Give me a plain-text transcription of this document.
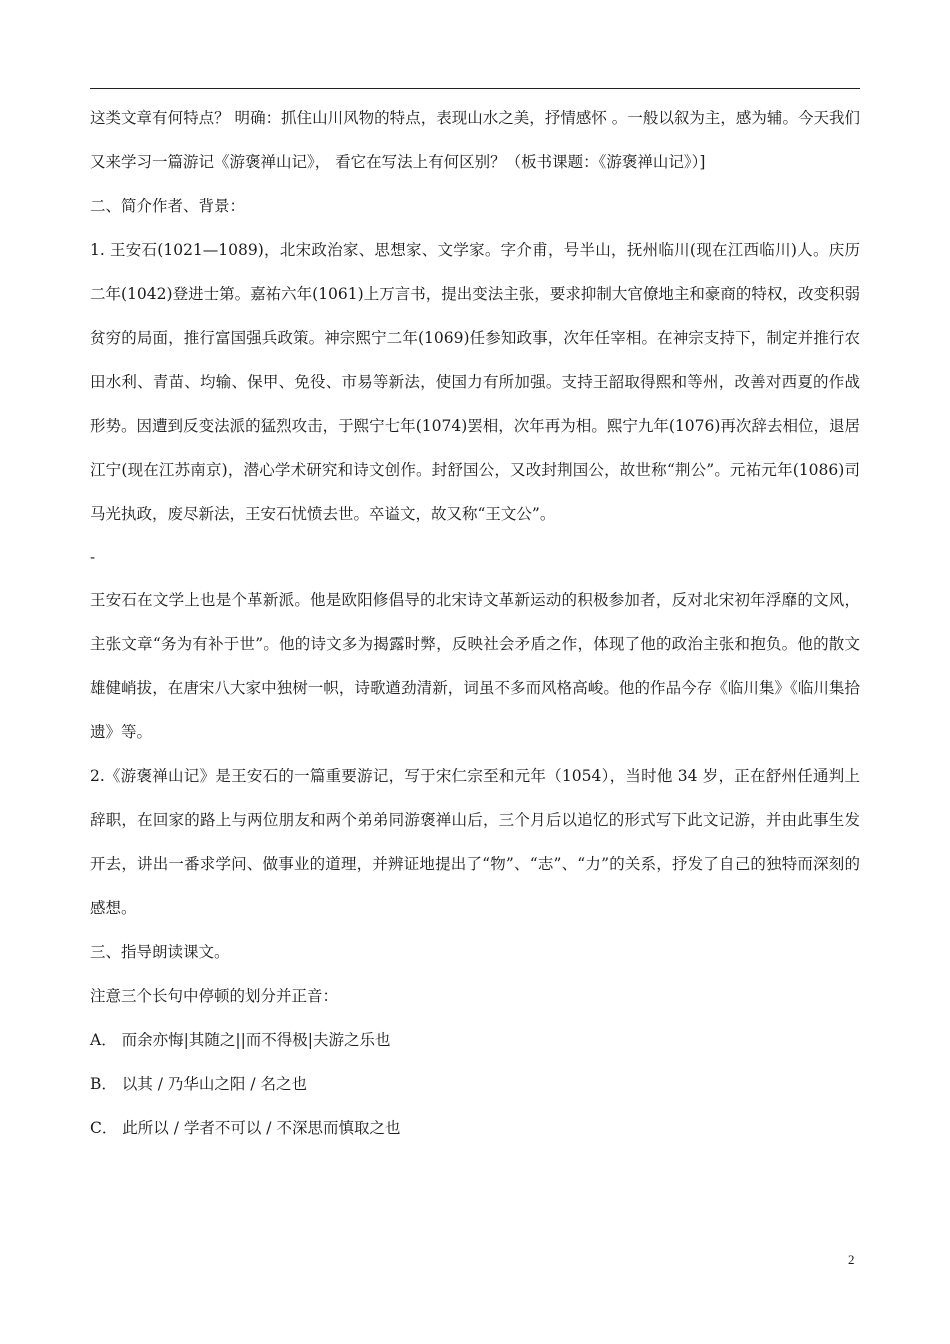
这类文章有何特点？ 明确：抓住山川风物的特点，表现山水之美，抒情感怀 。一般以叙为主，感为辅。今天我们又来学习一篇游记《游褒禅山记》， 看它在写法上有何区别？（板书课题：《游褒禅山记》）]

二、简介作者、背景：

1. 王安石(1021—1089)，北宋政治家、思想家、文学家。字介甫，号半山，抚州临川(现在江西临川)人。庆历二年(1042)登进士第。嘉祐六年(1061)上万言书，提出变法主张，要求抑制大官僚地主和豪商的特权，改变积弱贫穷的局面，推行富国强兵政策。神宗熙宁二年(1069)任参知政事，次年任宰相。在神宗支持下，制定并推行农田水利、青苗、均输、保甲、免役、市易等新法，使国力有所加强。支持王韶取得熙和等州，改善对西夏的作战形势。因遭到反变法派的猛烈攻击，于熙宁七年(1074)罢相，次年再为相。熙宁九年(1076)再次辞去相位，退居江宁(现在江苏南京)，潜心学术研究和诗文创作。封舒国公，又改封荆国公，故世称“荆公”。元祐元年(1086)司马光执政，废尽新法，王安石忧愤去世。卒谥文，故又称“王文公”。

-

王安石在文学上也是个革新派。他是欧阳修倡导的北宋诗文革新运动的积极参加者，反对北宋初年浮靡的文风，主张文章“务为有补于世”。他的诗文多为揭露时弊，反映社会矛盾之作，体现了他的政治主张和抱负。他的散文雄健峭拔，在唐宋八大家中独树一帜，诗歌遒劲清新，词虽不多而风格高峻。他的作品今存《临川集》《临川集拾遗》等。

2.《游褒禅山记》是王安石的一篇重要游记，写于宋仁宗至和元年（1054），当时他 34 岁，正在舒州任通判上辞职，在回家的路上与两位朋友和两个弟弟同游褒禅山后，三个月后以追忆的形式写下此文记游，并由此事生发开去，讲出一番求学问、做事业的道理，并辨证地提出了“物”、“志”、“力”的关系，抒发了自己的独特而深刻的感想。

三、指导朗读课文。

注意三个长句中停顿的划分并正音：

A． 而余亦悔|其随之||而不得极|夫游之乐也

B． 以其 / 乃华山之阳 / 名之也

C． 此所以 / 学者不可以 / 不深思而慎取之也

2
